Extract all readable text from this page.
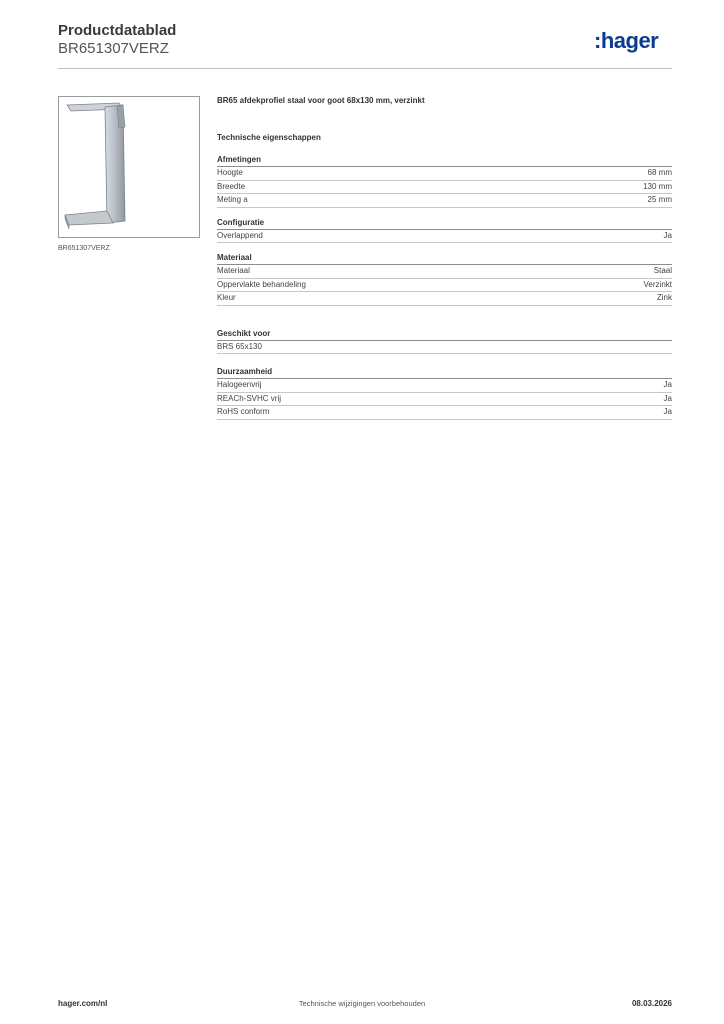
Productdatablad
BR651307VERZ	:hager
BR651307VERZ
BR65 afdekprofiel staal voor goot 68x130 mm, verzinkt
Technische eigenschappen
Afmetingen
Hoogte	68 mm
Breedte	130 mm
Meting a	25 mm
Configuratie
Overlappend	Ja
Materiaal
Materiaal	Staal
Oppervlakte behandeling	Verzinkt
Kleur	Zink
Geschikt voor
BRS 65x130
Duurzaamheid
Halogeenvrij	Ja
REACh-SVHC vrij	Ja
RoHS conform	Ja
hager.com/nl	Technische wijzigingen voorbehouden	08.03.2026
